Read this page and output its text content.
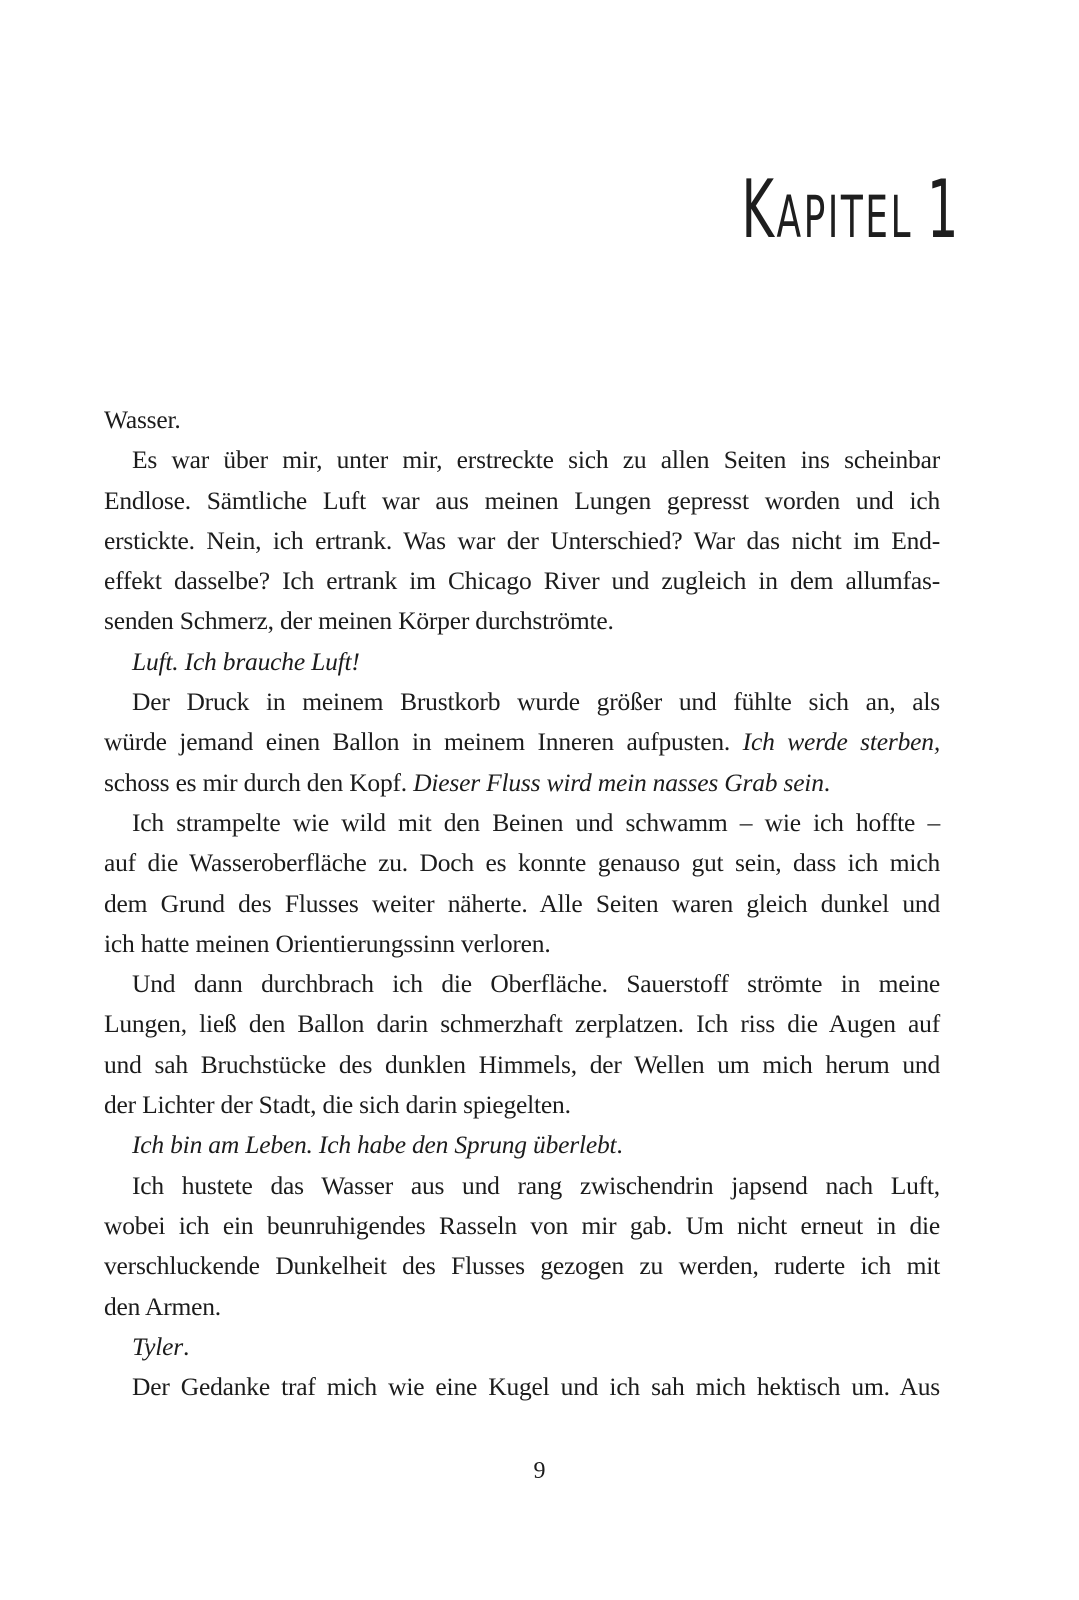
KAPITEL 1
Wasser.
Es war über mir, unter mir, erstreckte sich zu allen Seiten ins scheinbar
Endlose. Sämtliche Luft war aus meinen Lungen gepresst worden und ich
erstickte. Nein, ich ertrank. Was war der Unterschied? War das nicht im End-
effekt dasselbe? Ich ertrank im Chicago River und zugleich in dem allumfas-
senden Schmerz, der meinen Körper durchströmte.
Luft. Ich brauche Luft!
Der Druck in meinem Brustkorb wurde größer und fühlte sich an, als
würde jemand einen Ballon in meinem Inneren aufpusten. Ich werde sterben,
schoss es mir durch den Kopf. Dieser Fluss wird mein nasses Grab sein.
Ich strampelte wie wild mit den Beinen und schwamm – wie ich hoffte –
auf die Wasseroberfläche zu. Doch es konnte genauso gut sein, dass ich mich
dem Grund des Flusses weiter näherte. Alle Seiten waren gleich dunkel und
ich hatte meinen Orientierungssinn verloren.
Und dann durchbrach ich die Oberfläche. Sauerstoff strömte in meine
Lungen, ließ den Ballon darin schmerzhaft zerplatzen. Ich riss die Augen auf
und sah Bruchstücke des dunklen Himmels, der Wellen um mich herum und
der Lichter der Stadt, die sich darin spiegelten.
Ich bin am Leben. Ich habe den Sprung überlebt.
Ich hustete das Wasser aus und rang zwischendrin japsend nach Luft,
wobei ich ein beunruhigendes Rasseln von mir gab. Um nicht erneut in die
verschluckende Dunkelheit des Flusses gezogen zu werden, ruderte ich mit
den Armen.
Tyler.
Der Gedanke traf mich wie eine Kugel und ich sah mich hektisch um. Aus
9
